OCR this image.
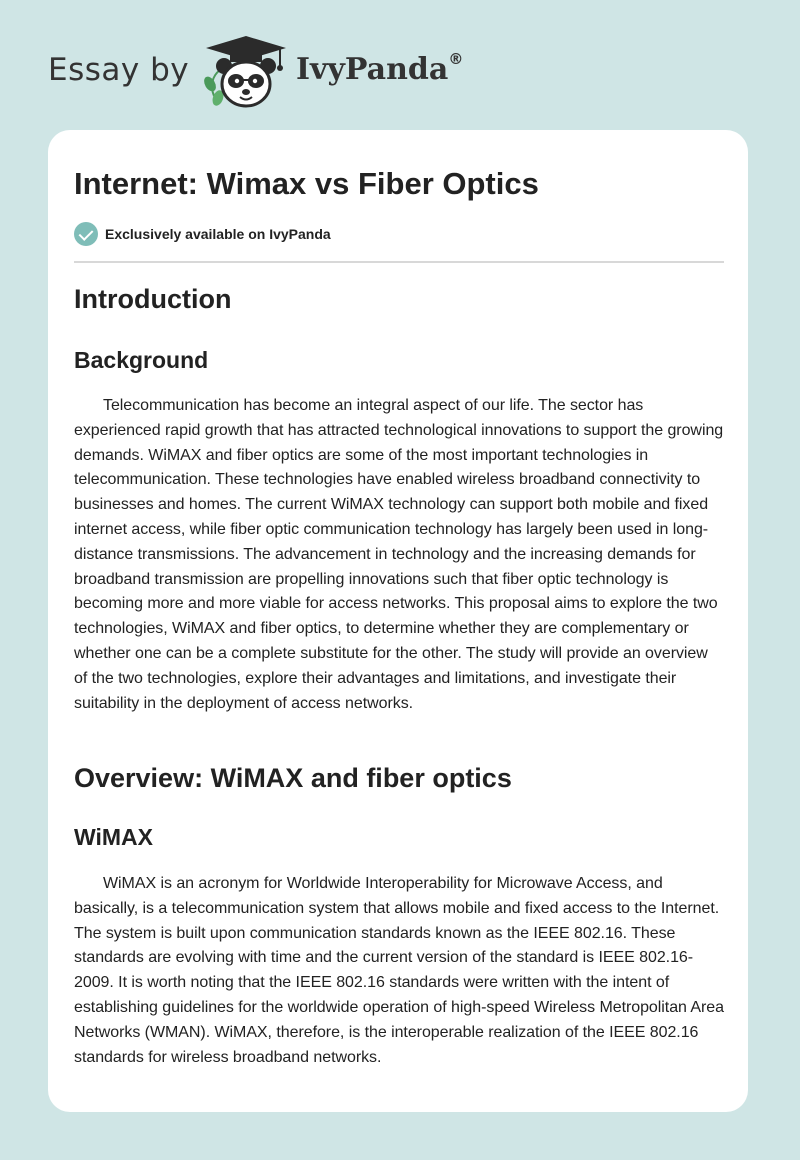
Essay by	IvyPanda®
Internet: Wimax vs Fiber Optics
Exclusively available on IvyPanda
Introduction
Background

Telecommunication has become an integral aspect of our life. The sector has experienced rapid growth that has attracted technological innovations to support the growing demands. WiMAX and fiber optics are some of the most important technologies in telecommunication. These technologies have enabled wireless broadband connectivity to businesses and homes. The current WiMAX technology can support both mobile and fixed internet access, while fiber optic communication technology has largely been used in long-distance transmissions. The advancement in technology and the increasing demands for broadband transmission are propelling innovations such that fiber optic technology is becoming more and more viable for access networks. This proposal aims to explore the two technologies, WiMAX and fiber optics, to determine whether they are complementary or whether one can be a complete substitute for the other. The study will provide an overview of the two technologies, explore their advantages and limitations, and investigate their suitability in the deployment of access networks.

Overview: WiMAX and fiber optics
WiMAX

WiMAX is an acronym for Worldwide Interoperability for Microwave Access, and basically, is a telecommunication system that allows mobile and fixed access to the Internet. The system is built upon communication standards known as the IEEE 802.16. These standards are evolving with time and the current version of the standard is IEEE 802.16-2009. It is worth noting that the IEEE 802.16 standards were written with the intent of establishing guidelines for the worldwide operation of high-speed Wireless Metropolitan Area Networks (WMAN). WiMAX, therefore, is the interoperable realization of the IEEE 802.16 standards for wireless broadband networks.
